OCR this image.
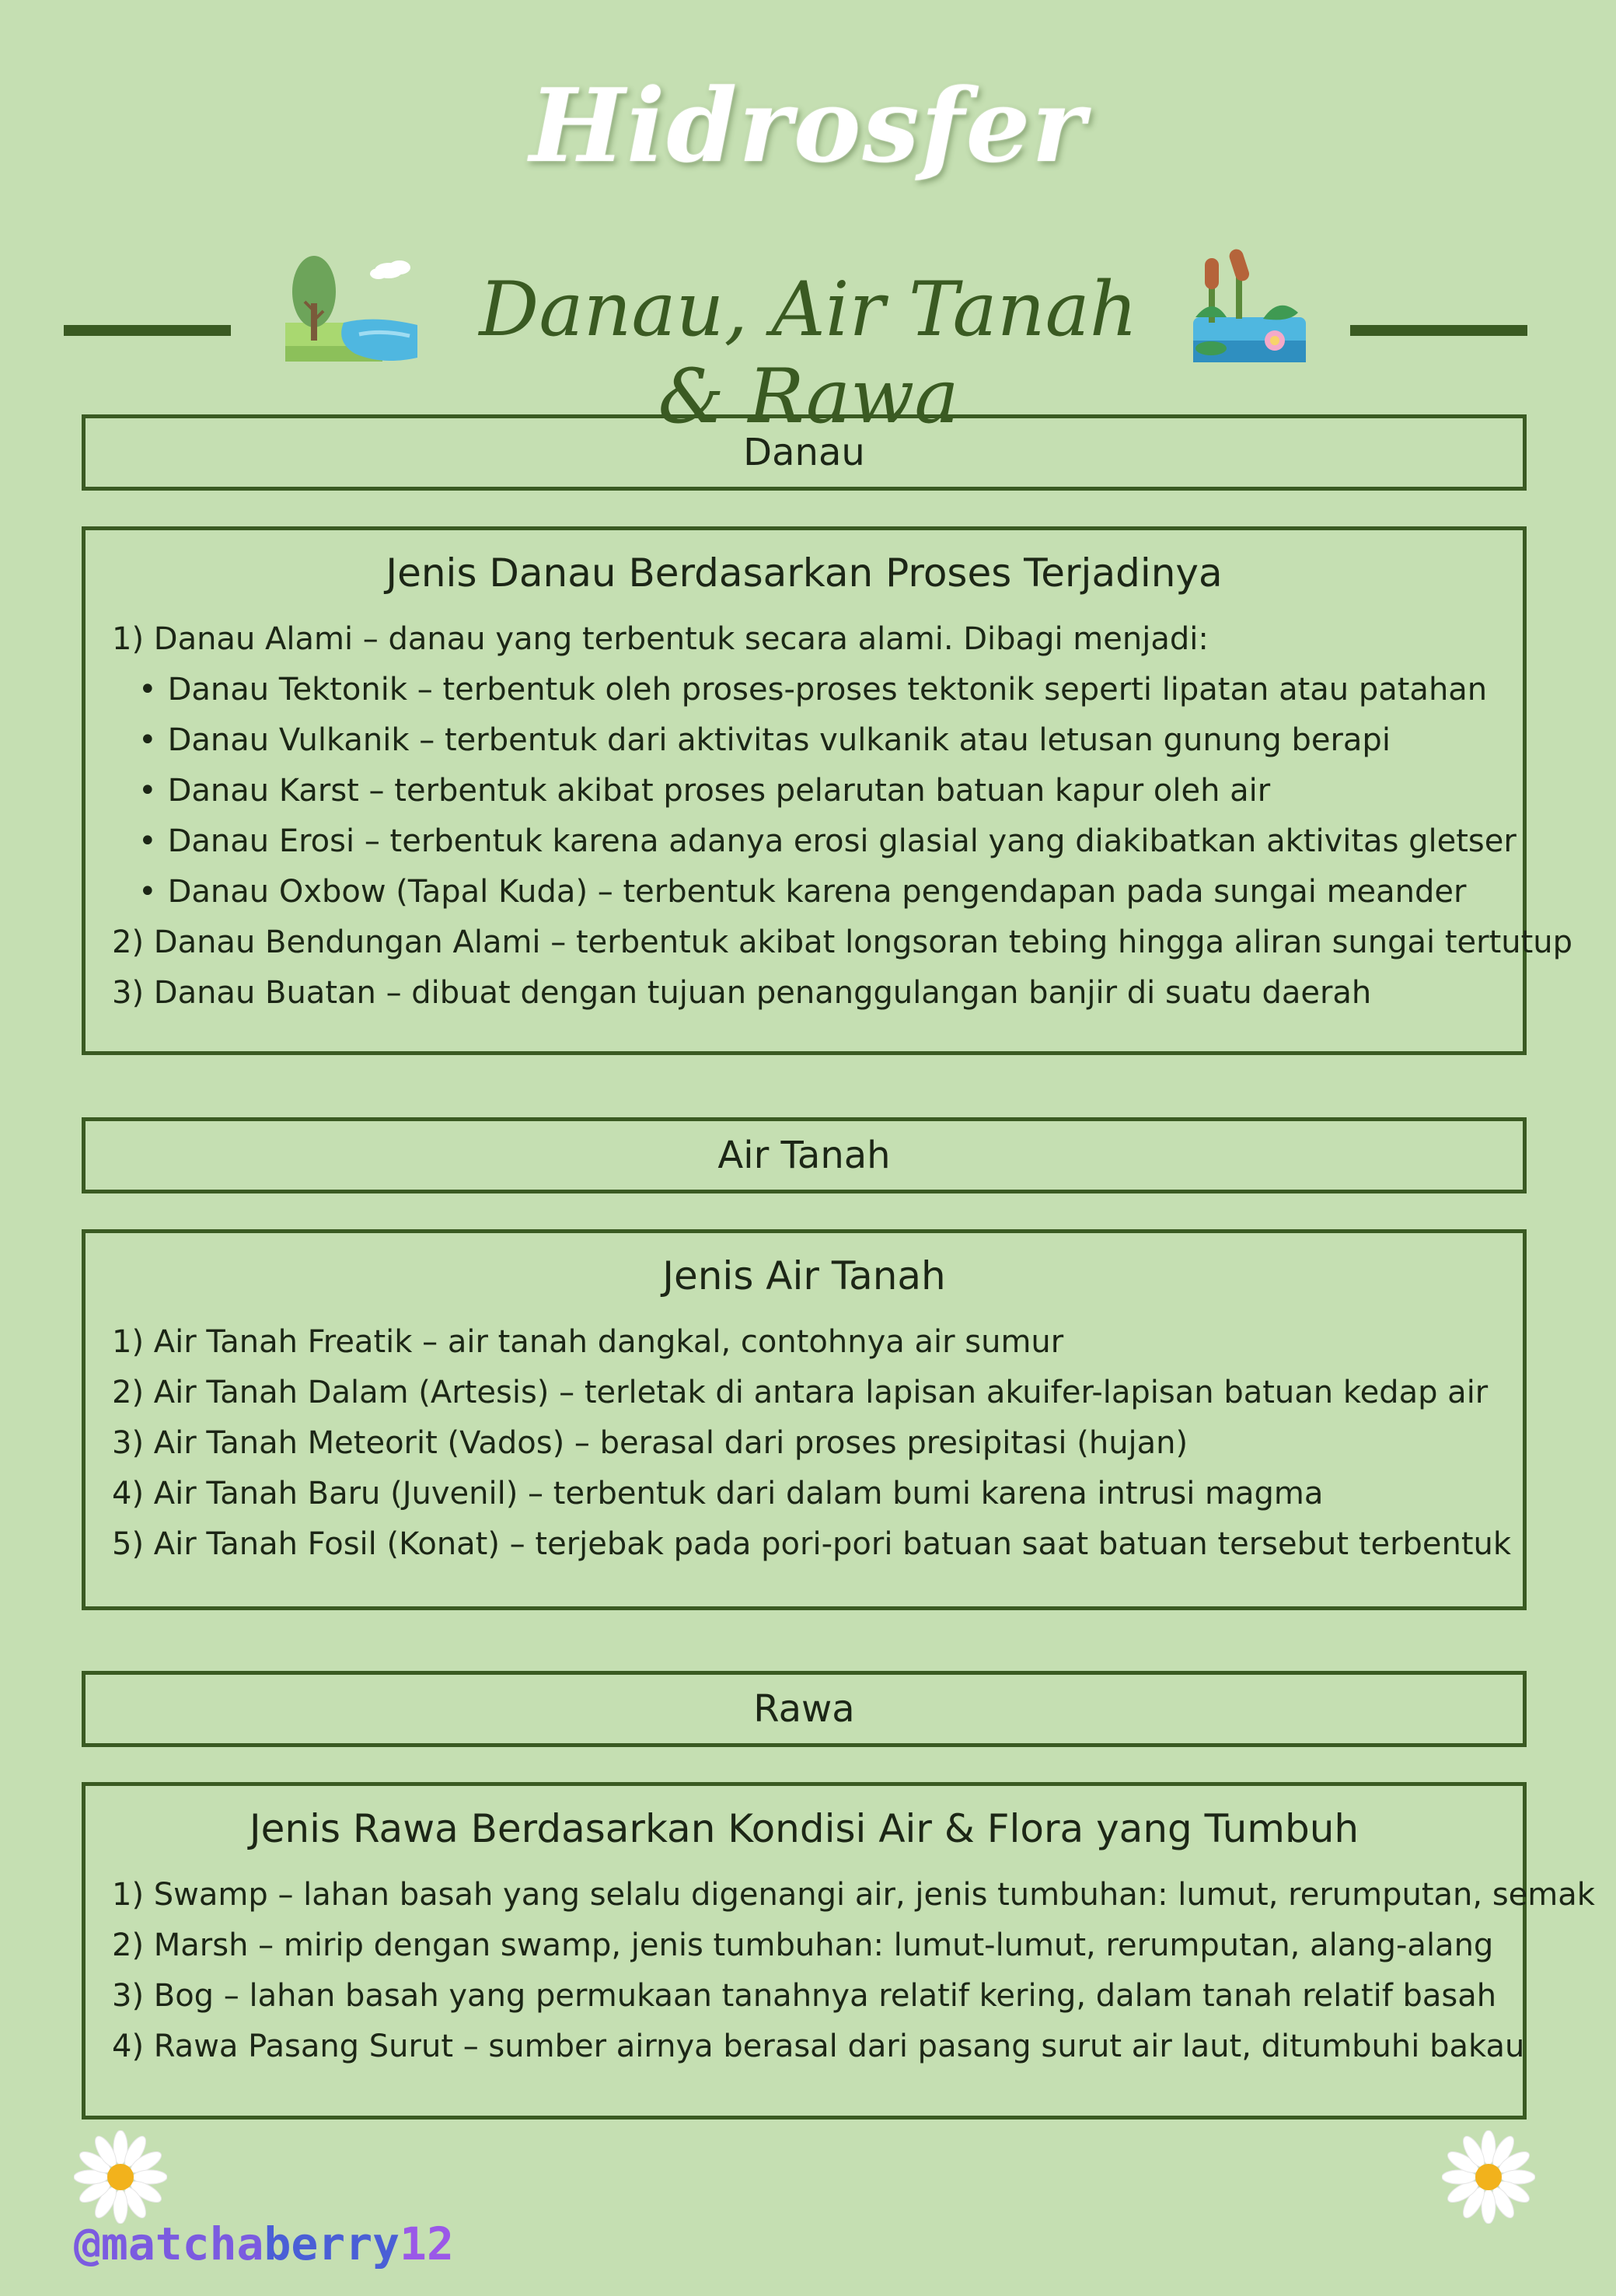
Hidrosfer
Danau, Air Tanah & Rawa
Danau
Jenis Danau Berdasarkan Proses Terjadinya
1) Danau Alami – danau yang terbentuk secara alami. Dibagi menjadi:
• Danau Tektonik – terbentuk oleh proses-proses tektonik seperti lipatan atau patahan
• Danau Vulkanik – terbentuk dari aktivitas vulkanik atau letusan gunung berapi
• Danau Karst – terbentuk akibat proses pelarutan batuan kapur oleh air
• Danau Erosi – terbentuk karena adanya erosi glasial yang diakibatkan aktivitas gletser
• Danau Oxbow (Tapal Kuda) – terbentuk karena pengendapan pada sungai meander
2) Danau Bendungan Alami – terbentuk akibat longsoran tebing hingga aliran sungai tertutup
3) Danau Buatan – dibuat dengan tujuan penanggulangan banjir di suatu daerah
Air Tanah
Jenis Air Tanah
1) Air Tanah Freatik – air tanah dangkal, contohnya air sumur
2) Air Tanah Dalam (Artesis) – terletak di antara lapisan akuifer-lapisan batuan kedap air
3) Air Tanah Meteorit (Vados) – berasal dari proses presipitasi (hujan)
4) Air Tanah Baru (Juvenil) – terbentuk dari dalam bumi karena intrusi magma
5) Air Tanah Fosil (Konat) – terjebak pada pori-pori batuan saat batuan tersebut terbentuk
Rawa
Jenis Rawa Berdasarkan Kondisi Air & Flora yang Tumbuh
1) Swamp – lahan basah yang selalu digenangi air, jenis tumbuhan: lumut, rerumputan, semak
2) Marsh – mirip dengan swamp, jenis tumbuhan: lumut-lumut, rerumputan, alang-alang
3) Bog – lahan basah yang permukaan tanahnya relatif kering, dalam tanah relatif basah
4) Rawa Pasang Surut – sumber airnya berasal dari pasang surut air laut, ditumbuhi bakau
@matchaberry12
